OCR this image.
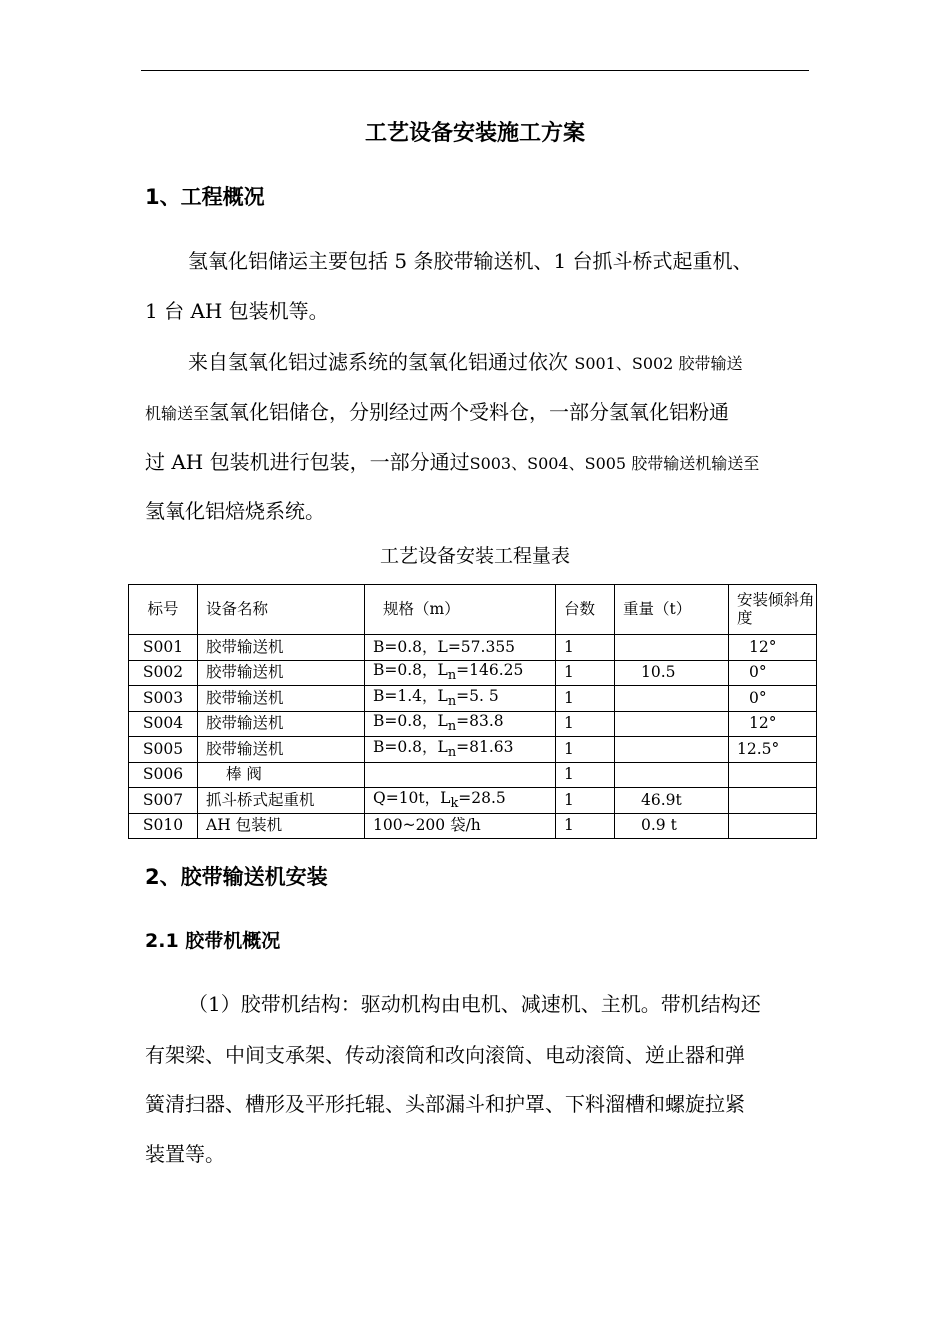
工艺设备安装施工方案
1、工程概况
氢氧化铝储运主要包括 5 条胶带输送机、1 台抓斗桥式起重机、
1 台 AH 包装机等。
来自氢氧化铝过滤系统的氢氧化铝通过依次 S001、S002 胶带输送
机输送至氢氧化铝储仓，分别经过两个受料仓，一部分氢氧化铝粉通
过 AH 包装机进行包装，一部分通过S003、S004、S005 胶带输送机输送至
氢氧化铝焙烧系统。
工艺设备安装工程量表
标号	设备名称	规格（m）	台数	重量（t）	安装倾斜角度
S001	胶带输送机	B=0.8，L=57.355	1		12°
S002	胶带输送机	B=0.8，$L_n=146.25$	1	10.5	0°
S003	胶带输送机	B=1.4，$L_n=5$. 5	1		0°
S004	胶带输送机	B=0.8，$L_n=83.8$	1		12°
S005	胶带输送机	B=0.8，$L_n=81.63$	1		12.5°
S006	棒 阀		1		
S007	抓斗桥式起重机	Q=10t，$L_k=28.5$	1	46.9t	
S010	AH 包装机	100~200 袋/h	1	0.9 t	
2、胶带输送机安装
2.1 胶带机概况
（1）胶带机结构：驱动机构由电机、减速机、主机。带机结构还
有架梁、中间支承架、传动滚筒和改向滚筒、电动滚筒、逆止器和弹
簧清扫器、槽形及平形托辊、头部漏斗和护罩、下料溜槽和螺旋拉紧
装置等。
